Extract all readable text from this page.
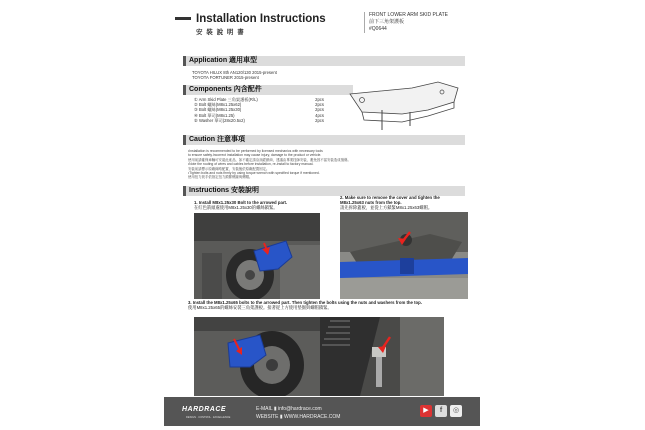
Installation Instructions
安 裝 說 明 書
FRONT LOWER ARM SKID PLATE
前下三角架護板
#Q0644
Application 適用車型
TOYOTA HILUX 8th AN120/130 2015-present
TOYOTA FORTUNER 2015-present
Components 內含配件
① Arm Skid Plate 三角架護板(R/L)	2pcs
② Bolt 螺絲(M8x1.25x62)	2pcs
③ Bolt 螺絲(M8x1.25x30)	2pcs
④ Bolt 華司(M8x1.25)	4pcs
⑤ Washer 華司(28x20.5x2)	2pcs
Caution 注意事項
•Installation is recommended to be performed by licensed mechanics with necessary tools
to ensure safety.Incorrect installation may cause injury, damage to the product or vehicle.
使用前請確保車輛可安裝此產品，如不確定請洽詢經銷商，建議由專業技師安裝，避免因不當安裝造成損傷。
•Note the routing of wires and cables before installation, re-install to factory manual.
安裝前請標示原廠線路配置，安裝後依原廠配置固定。
•Tighten bolts and nuts firmly by using torque wrench with specified torque if mentioned.
使用扭力扳手依指定扭力鎖緊螺絲與螺帽。
Instructions 安裝說明
1. Install M8x1.25x30 Bolt to the arrowed part.
在紅色箭頭處使用M8x1.25x30的螺絲鎖緊。
2. Make sure to remove the cover and tighten the
M8x1.25x63 nuts from the top.
請先拆除蓋板，並從上方鎖緊M8x1.25x63螺帽。
3. Install the M8x1.25x65 bolts to the arrowed part. Then tighten the bolts using the nuts and washers from the top.
使用M8x1.25x65的螺絲安裝三角架護板。接著從上方使用墊圈與螺帽鎖緊。
HARDRACE
DESIGN · CONTROL · EXCELLENCE
E-MAIL ▮ info@hardrace.com
WEBSITE ▮ WWW.HARDRACE.COM
▶	f	◎
